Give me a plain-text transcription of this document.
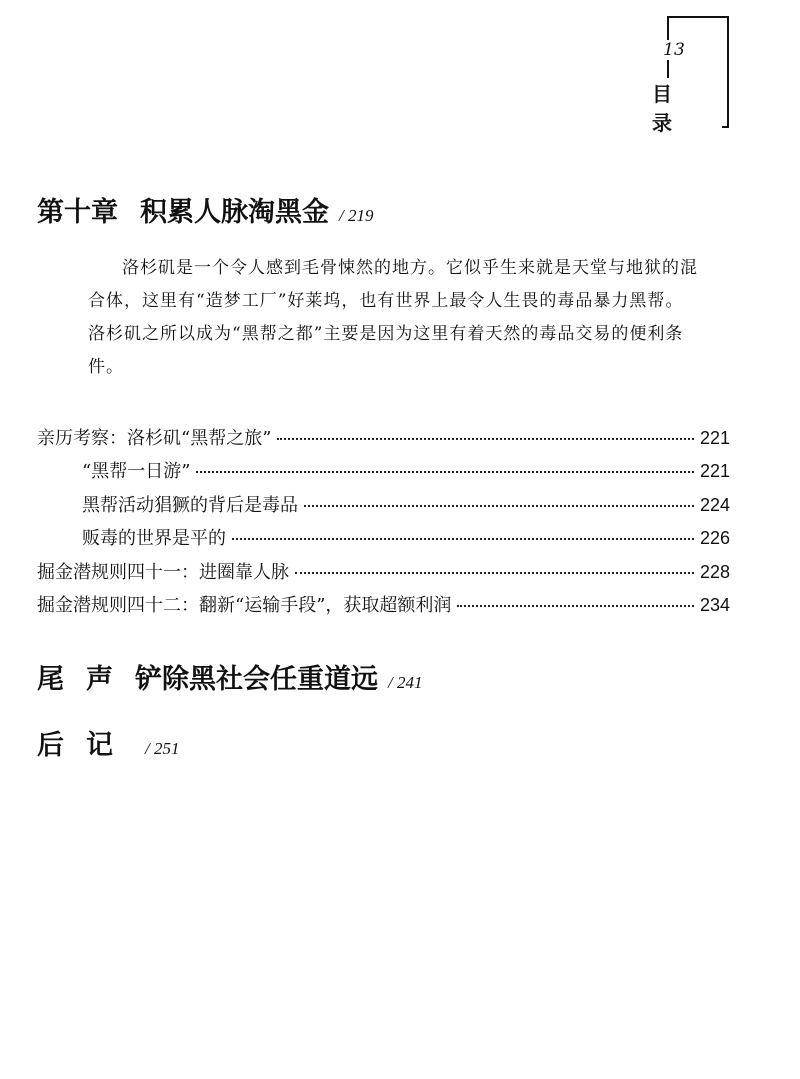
13
目 录
第十章 积累人脉淘黑金 / 219

洛杉矶是一个令人感到毛骨悚然的地方。它似乎生来就是天堂与地狱的混合体，这里有“造梦工厂”好莱坞，也有世界上最令人生畏的毒品暴力黑帮。洛杉矶之所以成为“黑帮之都”主要是因为这里有着天然的毒品交易的便利条件。

亲历考察：洛杉矶“黑帮之旅”	221
“黑帮一日游”	221
黑帮活动猖獗的背后是毒品	224
贩毒的世界是平的	226
掘金潜规则四十一：进圈靠人脉	228
掘金潜规则四十二：翻新“运输手段”，获取超额利润	234
尾声铲除黑社会任重道远 / 241
后记 / 251
